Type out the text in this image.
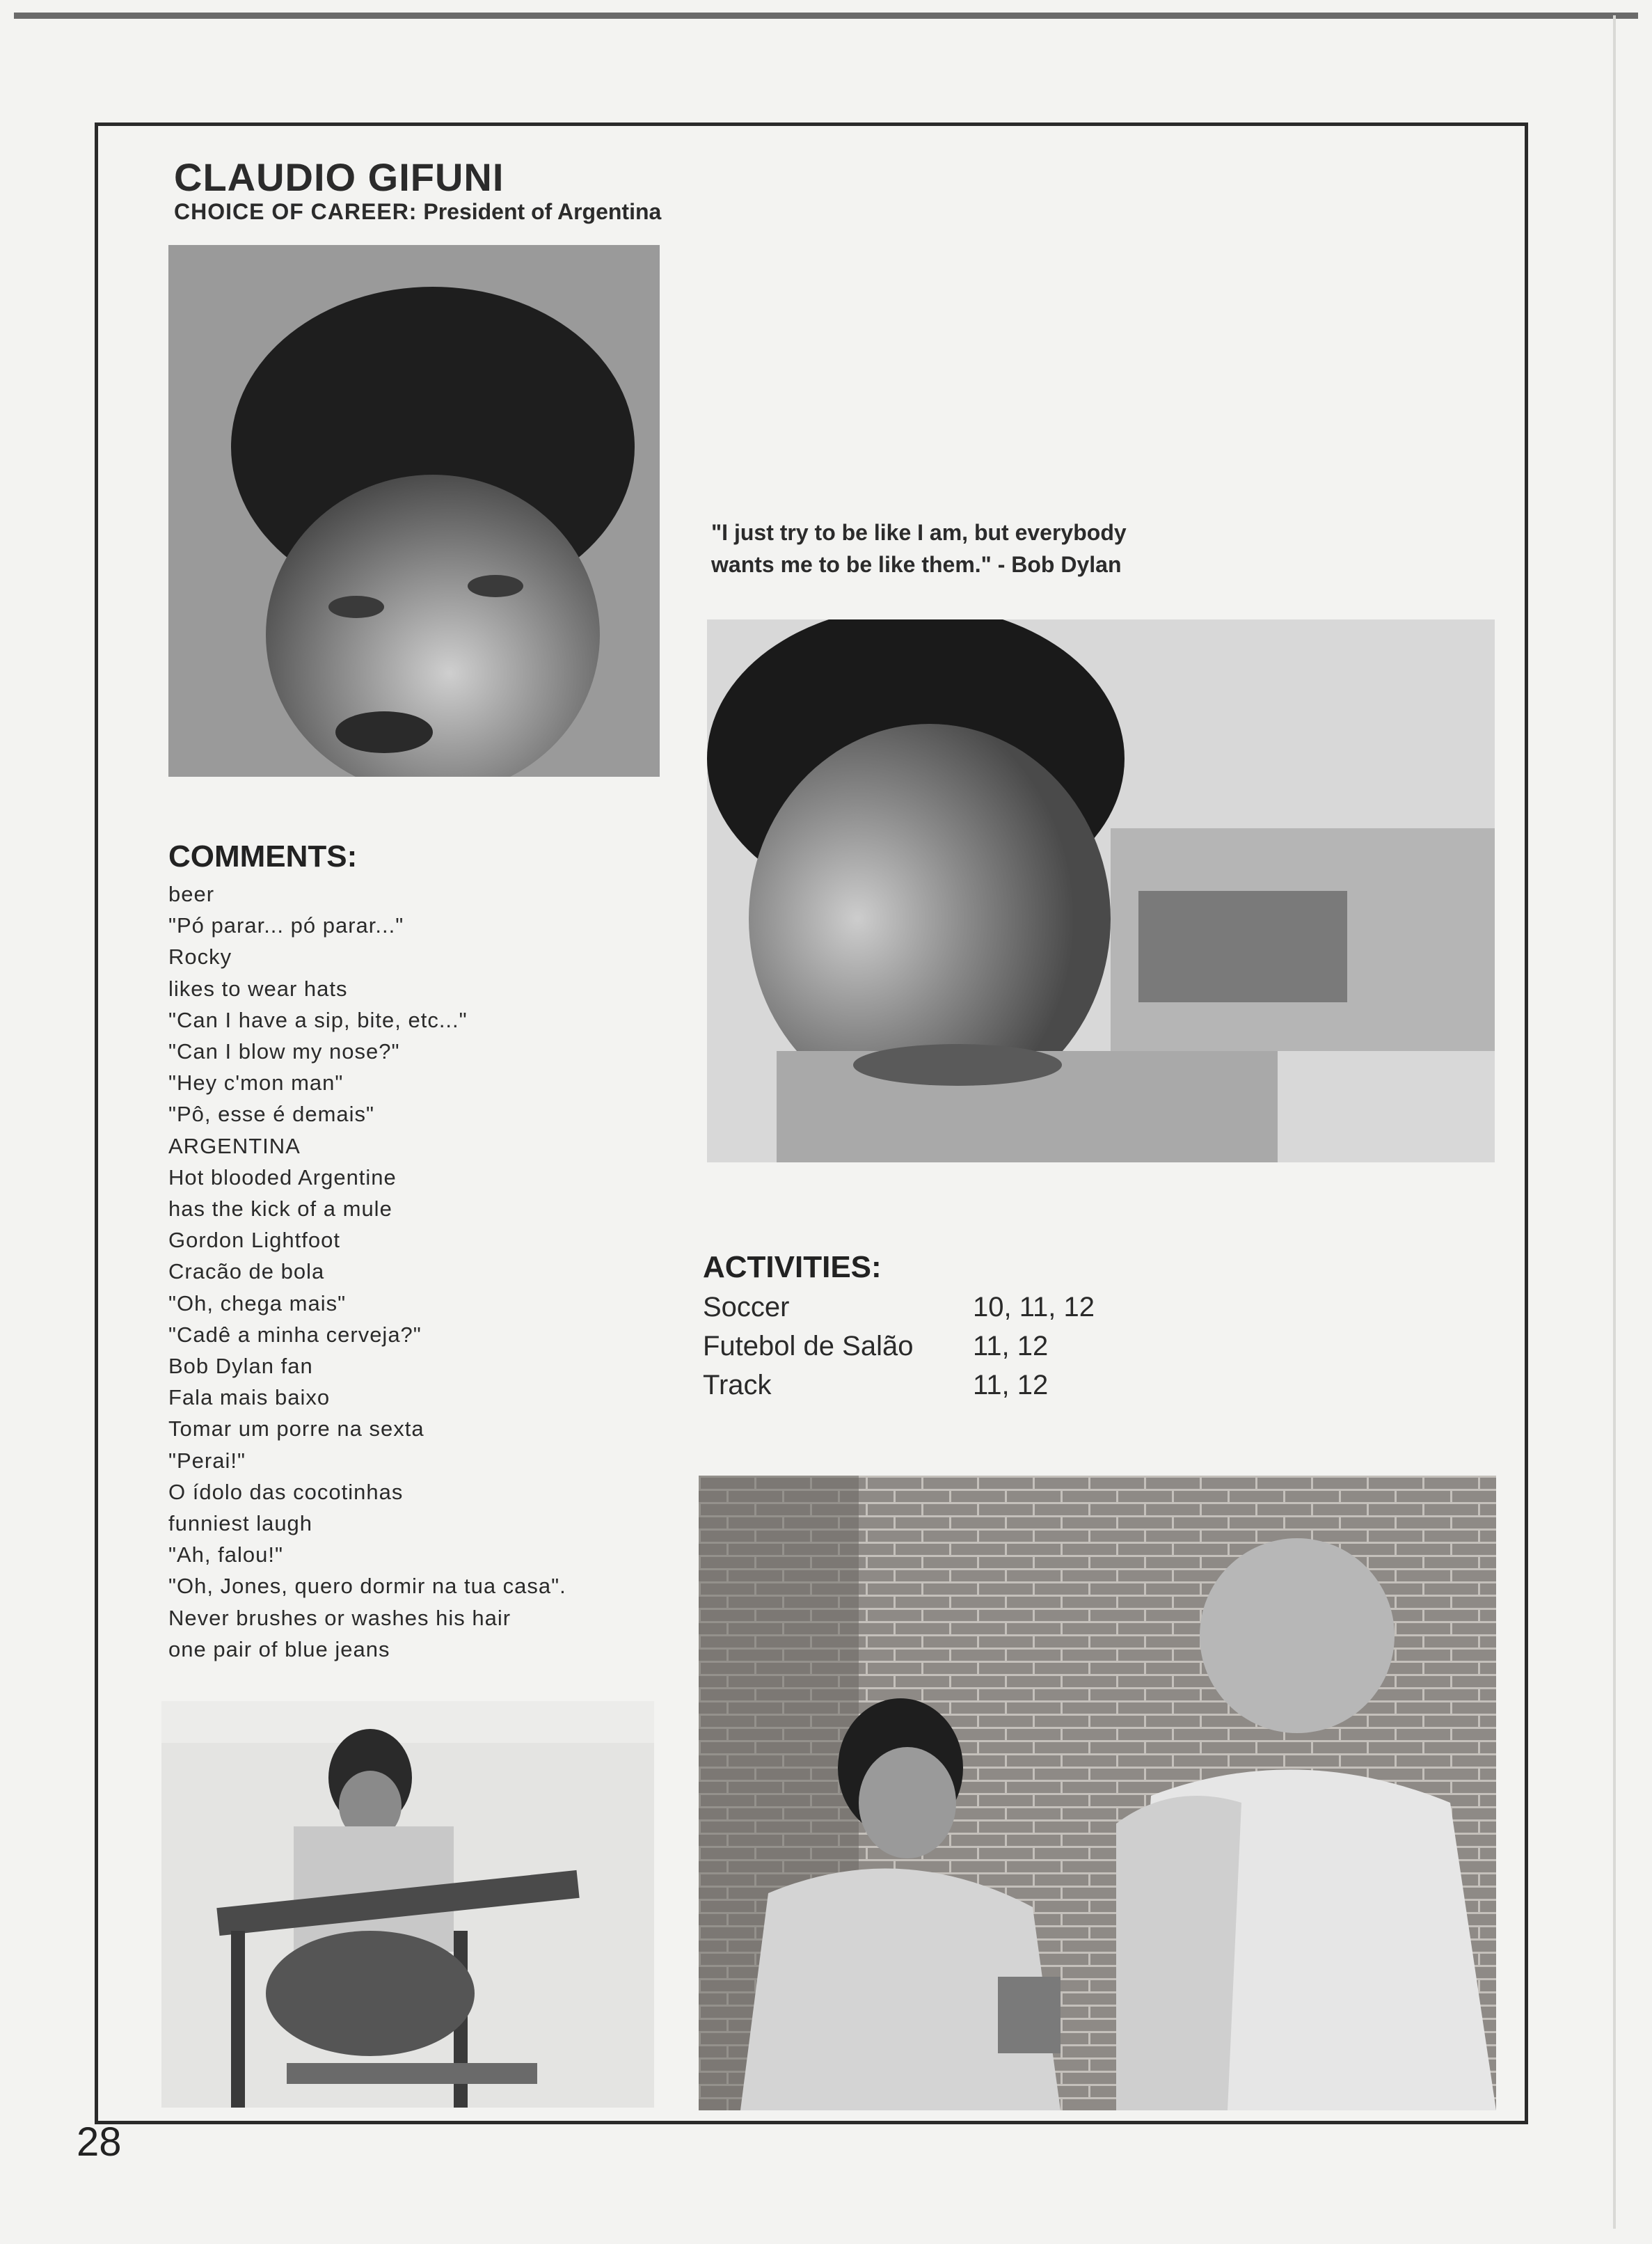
CLAUDIO GIFUNI
CHOICE OF CAREER: President of Argentina
"I just try to be like I am, but everybody
wants me to be like them." - Bob Dylan
COMMENTS:
beer
"Pó parar... pó parar..."
Rocky
likes to wear hats
"Can I have a sip, bite, etc..."
"Can I blow my nose?"
"Hey c'mon man"
"Pô, esse é demais"
ARGENTINA
Hot blooded Argentine
has the kick of a mule
Gordon Lightfoot
Cracão de bola
"Oh, chega mais"
"Cadê a minha cerveja?"
Bob Dylan fan
Fala mais baixo
Tomar um porre na sexta
"Perai!"
O ídolo das cocotinhas
funniest laugh
"Ah, falou!"
"Oh, Jones, quero dormir na tua casa".
Never brushes or washes his hair
one pair of blue jeans
ACTIVITIES:
Soccer	10, 11, 12
Futebol de Salão	11, 12
Track	11, 12
28
